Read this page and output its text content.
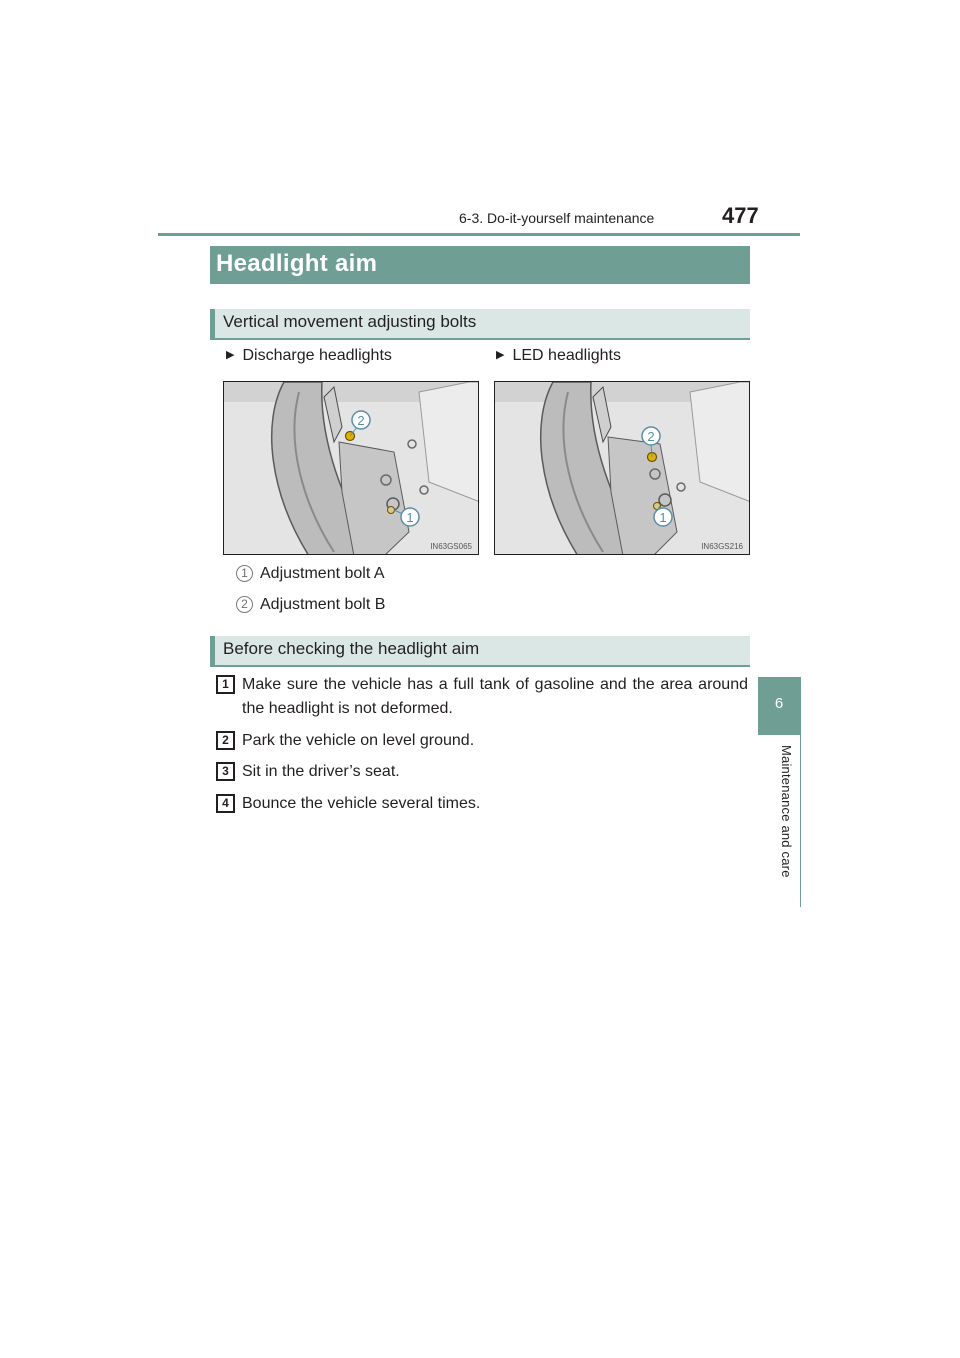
6-3. Do-it-yourself maintenance	477
6
Maintenance and care
Headlight aim
Vertical movement adjusting bolts
▶ Discharge headlights	▶ LED headlights
2
1
IN63GS065
2
1
IN63GS216
1 Adjustment bolt A
2 Adjustment bolt B
Before checking the headlight aim
1 Make sure the vehicle has a full tank of gasoline and the area around the headlight is not deformed.
2 Park the vehicle on level ground.
3 Sit in the driver’s seat.
4 Bounce the vehicle several times.
